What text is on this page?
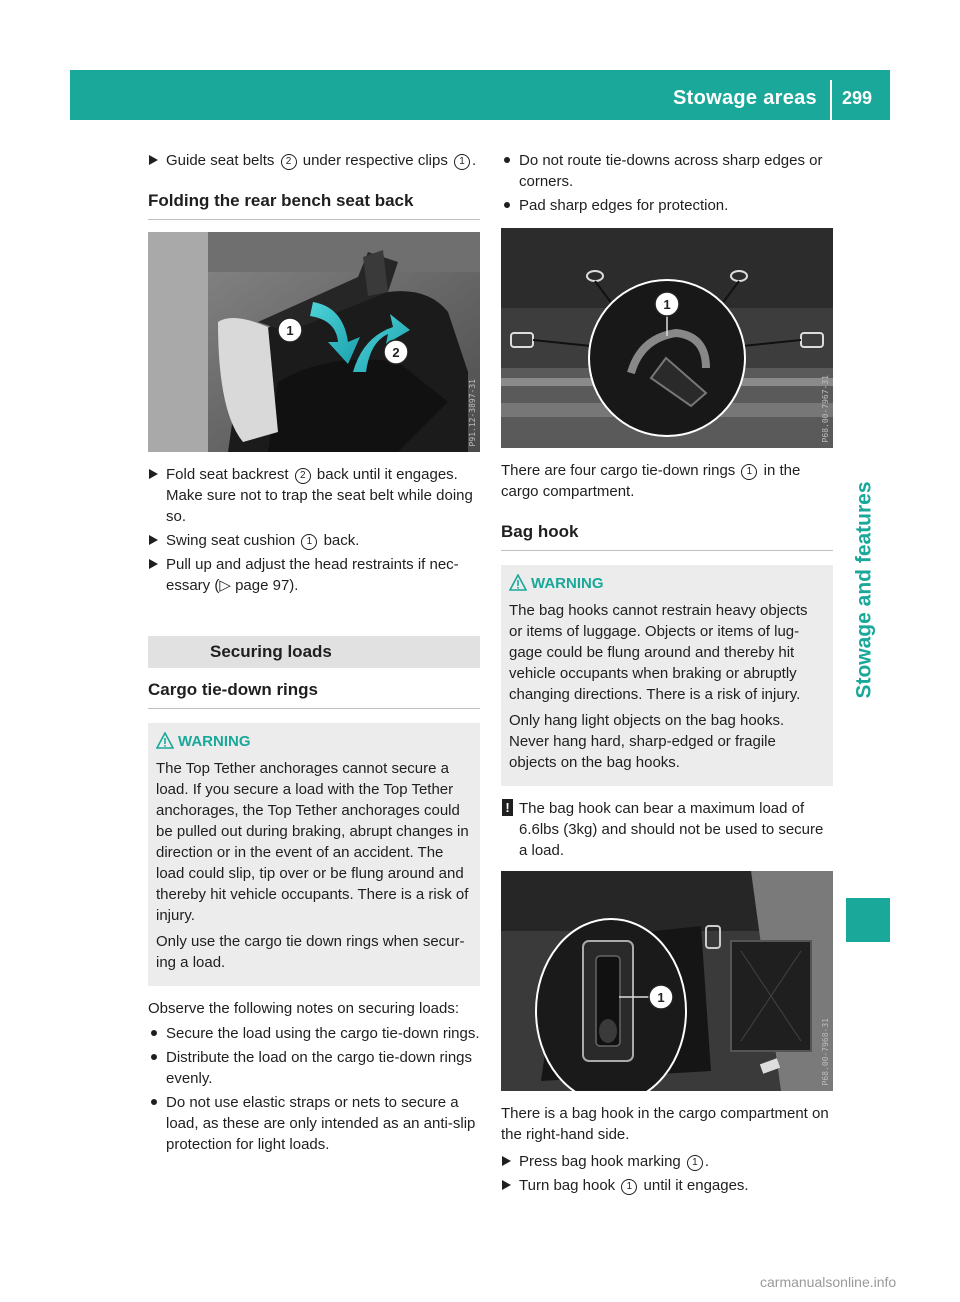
Stowage areas 299
Stowage and features
Guide seat belts 2 under respective clips 1 .
Folding the rear bench seat back
1
2
P91.12-3897-31
Fold seat backrest 2 back until it engages. Make sure not to trap the seat belt while doing so.
Swing seat cushion 1 back.
Pull up and adjust the head restraints if nec-essary (▷ page 97).
Securing loads
Cargo tie-down rings
WARNING

The Top Tether anchorages cannot secure a load. If you secure a load with the Top Tether anchorages, the Top Tether anchorages could be pulled out during braking, abrupt changes in direction or in the event of an accident. The load could slip, tip over or be flung around and thereby hit vehicle occupants. There is a risk of injury.

Only use the cargo tie down rings when secur-ing a load.

Observe the following notes on securing loads:

Secure the load using the cargo tie-down rings.
Distribute the load on the cargo tie-down rings evenly.
Do not use elastic straps or nets to secure a load, as these are only intended as an anti-slip protection for light loads.
Do not route tie-downs across sharp edges or corners.
Pad sharp edges for protection.
1
P68.00-7967-31

There are four cargo tie-down rings 1 in the cargo compartment.

Bag hook
WARNING

The bag hooks cannot restrain heavy objects or items of luggage. Objects or items of lug-gage could be flung around and thereby hit vehicle occupants when braking or abruptly changing directions. There is a risk of injury.

Only hang light objects on the bag hooks. Never hang hard, sharp-edged or fragile objects on the bag hooks.

! The bag hook can bear a maximum load of 6.6lbs (3kg) and should not be used to secure a load.
1
P68.00-7968-31

There is a bag hook in the cargo compartment on the right-hand side.

Press bag hook marking 1 .
Turn bag hook 1 until it engages.
carmanualsonline.info
